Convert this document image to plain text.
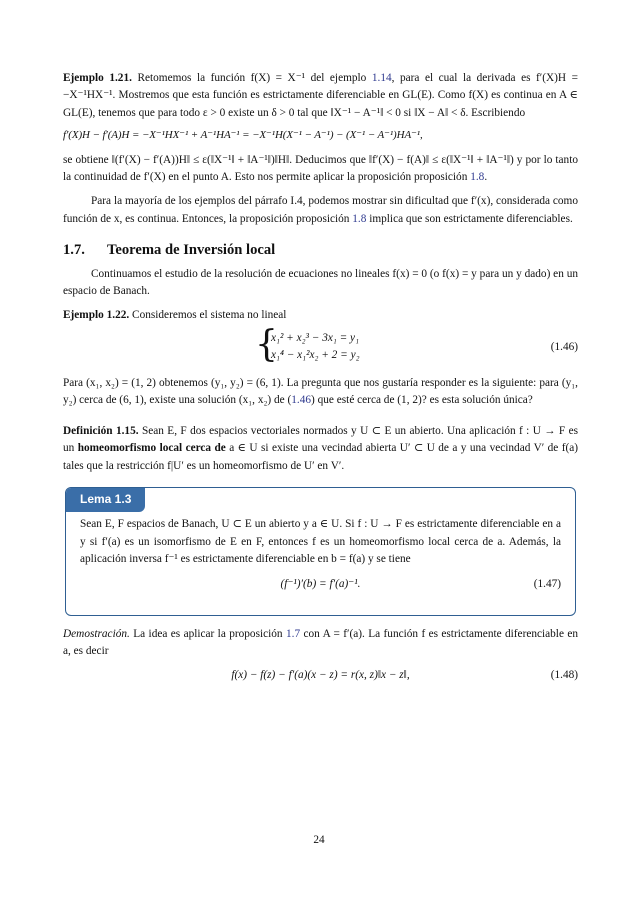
Ejemplo 1.21. Retomemos la función f(X) = X⁻¹ del ejemplo 1.14, para el cual la derivada es f′(X)H = −X⁻¹HX⁻¹. Mostremos que esta función es estrictamente diferenciable en GL(E). Como f(X) es continua en A ∈ GL(E), tenemos que para todo ε > 0 existe un δ > 0 tal que ‖X⁻¹ − A⁻¹‖ < 0 si ‖X − A‖ < δ. Escribiendo

f′(X)H − f′(A)H = −X⁻¹HX⁻¹ + A⁻¹HA⁻¹ = −X⁻¹H(X⁻¹ − A⁻¹) − (X⁻¹ − A⁻¹)HA⁻¹,

se obtiene ‖(f′(X) − f′(A))H‖ ≤ ε(‖X⁻¹‖ + ‖A⁻¹‖)‖H‖. Deducimos que ‖f′(X) − f(A)‖ ≤ ε(‖X⁻¹‖ + ‖A⁻¹‖) y por lo tanto la continuidad de f′(X) en el punto A. Esto nos permite aplicar la proposición proposición 1.8.

Para la mayoría de los ejemplos del párrafo I.4, podemos mostrar sin dificultad que f′(x), considerada como función de x, es continua. Entonces, la proposición proposición 1.8 implica que son estrictamente diferenciables.

1.7. Teorema de Inversión local

Continuamos el estudio de la resolución de ecuaciones no lineales f(x) = 0 (o f(x) = y para un y dado) en un espacio de Banach.

Ejemplo 1.22. Consideremos el sistema no lineal

{
x₁² + x₂³ − 3x₁ = y₁
x₁⁴ − x₁²x₂ + 2 = y₂
(1.46)

Para (x₁, x₂) = (1, 2) obtenemos (y₁, y₂) = (6, 1). La pregunta que nos gustaría responder es la siguiente: para (y₁, y₂) cerca de (6, 1), existe una solución (x₁, x₂) de (1.46) que esté cerca de (1, 2)? es esta solución única?

Definición 1.15. Sean E, F dos espacios vectoriales normados y U ⊂ E un abierto. Una aplicación f : U → F es un homeomorfismo local cerca de a ∈ U si existe una vecindad abierta U′ ⊂ U de a y una vecindad V′ de f(a) tales que la restricción f|U′ es un homeomorfismo de U′ en V′.

Lema 1.3

Sean E, F espacios de Banach, U ⊂ E un abierto y a ∈ U. Si f : U → F es estrictamente diferenciable en a y si f′(a) es un isomorfismo de E en F, entonces f es un homeomorfismo local cerca de a. Además, la aplicación inversa f⁻¹ es estrictamente diferenciable en b = f(a) y se tiene

(f⁻¹)′(b) = f′(a)⁻¹.	(1.47)

Demostración. La idea es aplicar la proposición 1.7 con A = f′(a). La función f es estrictamente diferenciable en a, es decir

f(x) − f(z) − f′(a)(x − z) = r(x, z)‖x − z‖,	(1.48)
24
